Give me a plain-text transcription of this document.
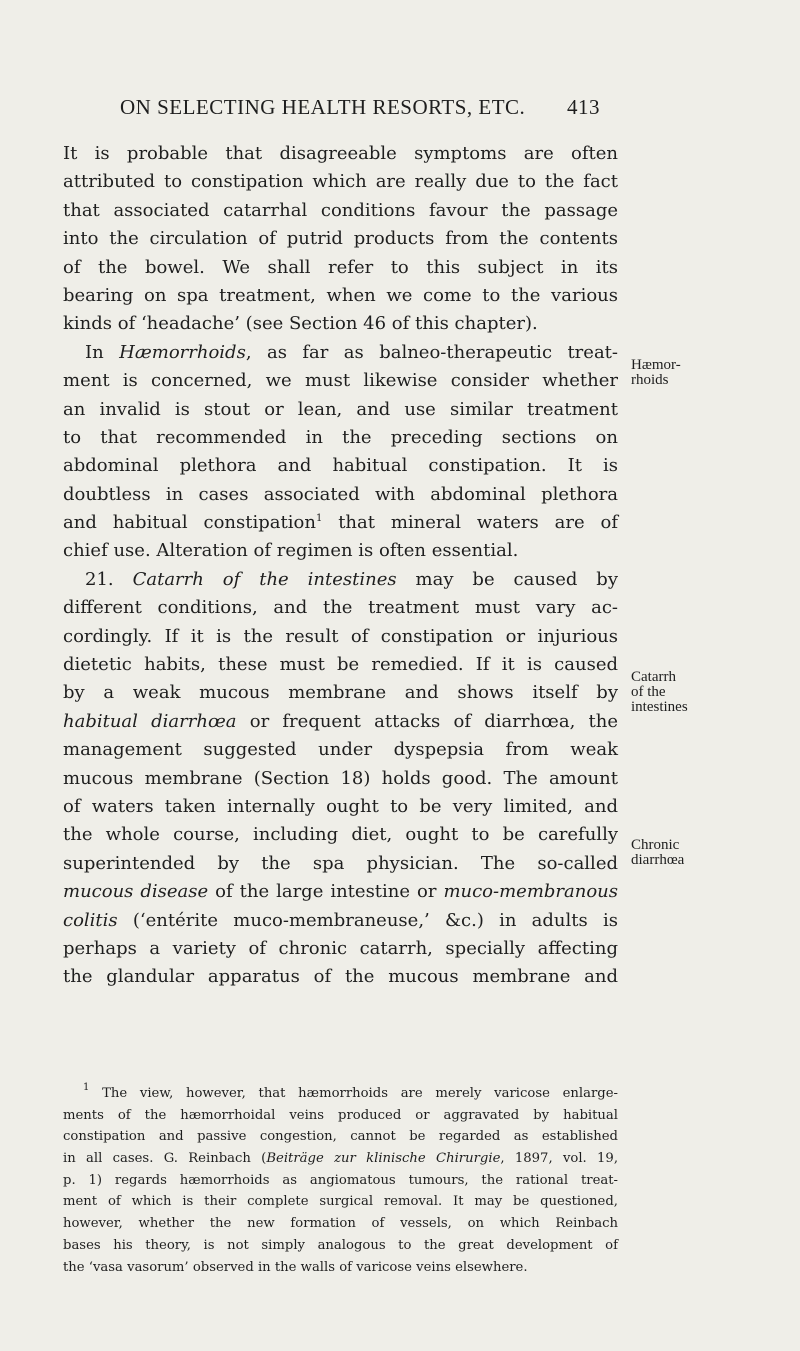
ON SELECTING HEALTH RESORTS, ETC. 413
It is probable that disagreeable symptoms are often
attributed to constipation which are really due to the fact
that associated catarrhal conditions favour the passage
into the circulation of putrid products from the contents
of the bowel. We shall refer to this subject in its
bearing on spa treatment, when we come to the various
kinds of ‘headache’ (see Section 46 of this chapter).
In Hæmorrhoids, as far as balneo-therapeutic treat-
ment is concerned, we must likewise consider whether
an invalid is stout or lean, and use similar treatment
to that recommended in the preceding sections on
abdominal plethora and habitual constipation. It is
doubtless in cases associated with abdominal plethora
and habitual constipation$^1$ that mineral waters are of
chief use. Alteration of regimen is often essential.
21. Catarrh of the intestines may be caused by
different conditions, and the treatment must vary ac-
cordingly. If it is the result of constipation or injurious
dietetic habits, these must be remedied. If it is caused
by a weak mucous membrane and shows itself by
habitual diarrhœa or frequent attacks of diarrhœa, the
management suggested under dyspepsia from weak
mucous membrane (Section 18) holds good. The amount
of waters taken internally ought to be very limited, and
the whole course, including diet, ought to be carefully
superintended by the spa physician. The so-called
mucous disease of the large intestine or muco-membranous
colitis (‘entérite muco-membraneuse,’ &c.) in adults is
perhaps a variety of chronic catarrh, specially affecting
the glandular apparatus of the mucous membrane and
Hæmor-
rhoids
Catarrh
of the
intestines
Chronic
diarrhœa
$^1$ The view, however, that hæmorrhoids are merely varicose enlarge-
ments of the hæmorrhoidal veins produced or aggravated by habitual
constipation and passive congestion, cannot be regarded as established
in all cases. G. Reinbach (Beiträge zur klinische Chirurgie, 1897, vol. 19,
p. 1) regards hæmorrhoids as angiomatous tumours, the rational treat-
ment of which is their complete surgical removal. It may be questioned,
however, whether the new formation of vessels, on which Reinbach
bases his theory, is not simply analogous to the great development of
the ‘vasa vasorum’ observed in the walls of varicose veins elsewhere.
